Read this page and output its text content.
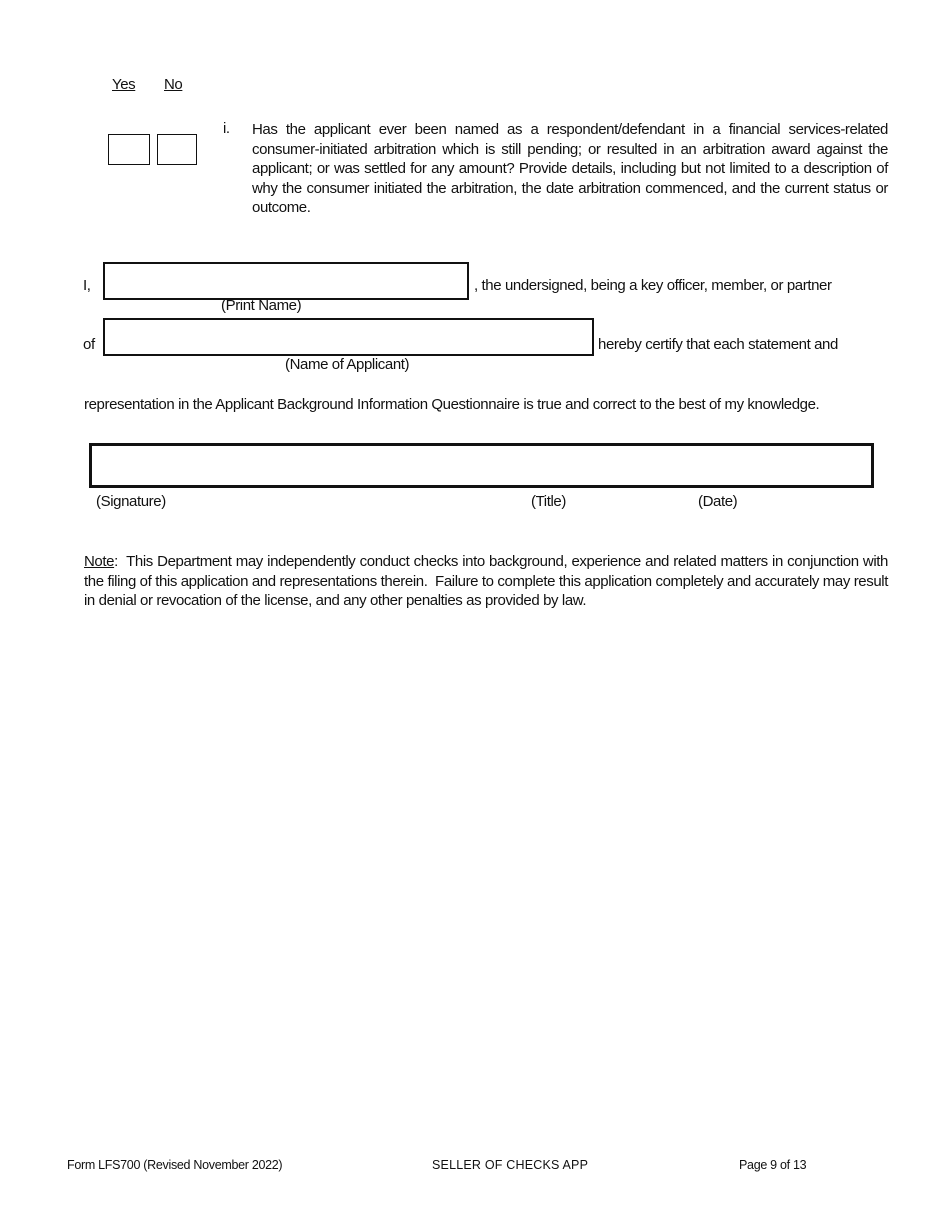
Yes No
i. Has the applicant ever been named as a respondent/defendant in a financial services-related consumer-initiated arbitration which is still pending; or resulted in an arbitration award against the applicant; or was settled for any amount? Provide details, including but not limited to a description of why the consumer initiated the arbitration, the date arbitration commenced, and the current status or outcome.
I,	, the undersigned, being a key officer, member, or partner
(Print Name)
of	hereby certify that each statement and
(Name of Applicant)
representation in the Applicant Background Information Questionnaire is true and correct to the best of my knowledge.
(Signature)	(Title)	(Date)
Note:  This Department may independently conduct checks into background, experience and related matters in conjunction with the filing of this application and representations therein.  Failure to complete this application completely and accurately may result in denial or revocation of the license, and any other penalties as provided by law.
Form LFS700 (Revised November 2022)	SELLER OF CHECKS APP	Page 9 of 13
